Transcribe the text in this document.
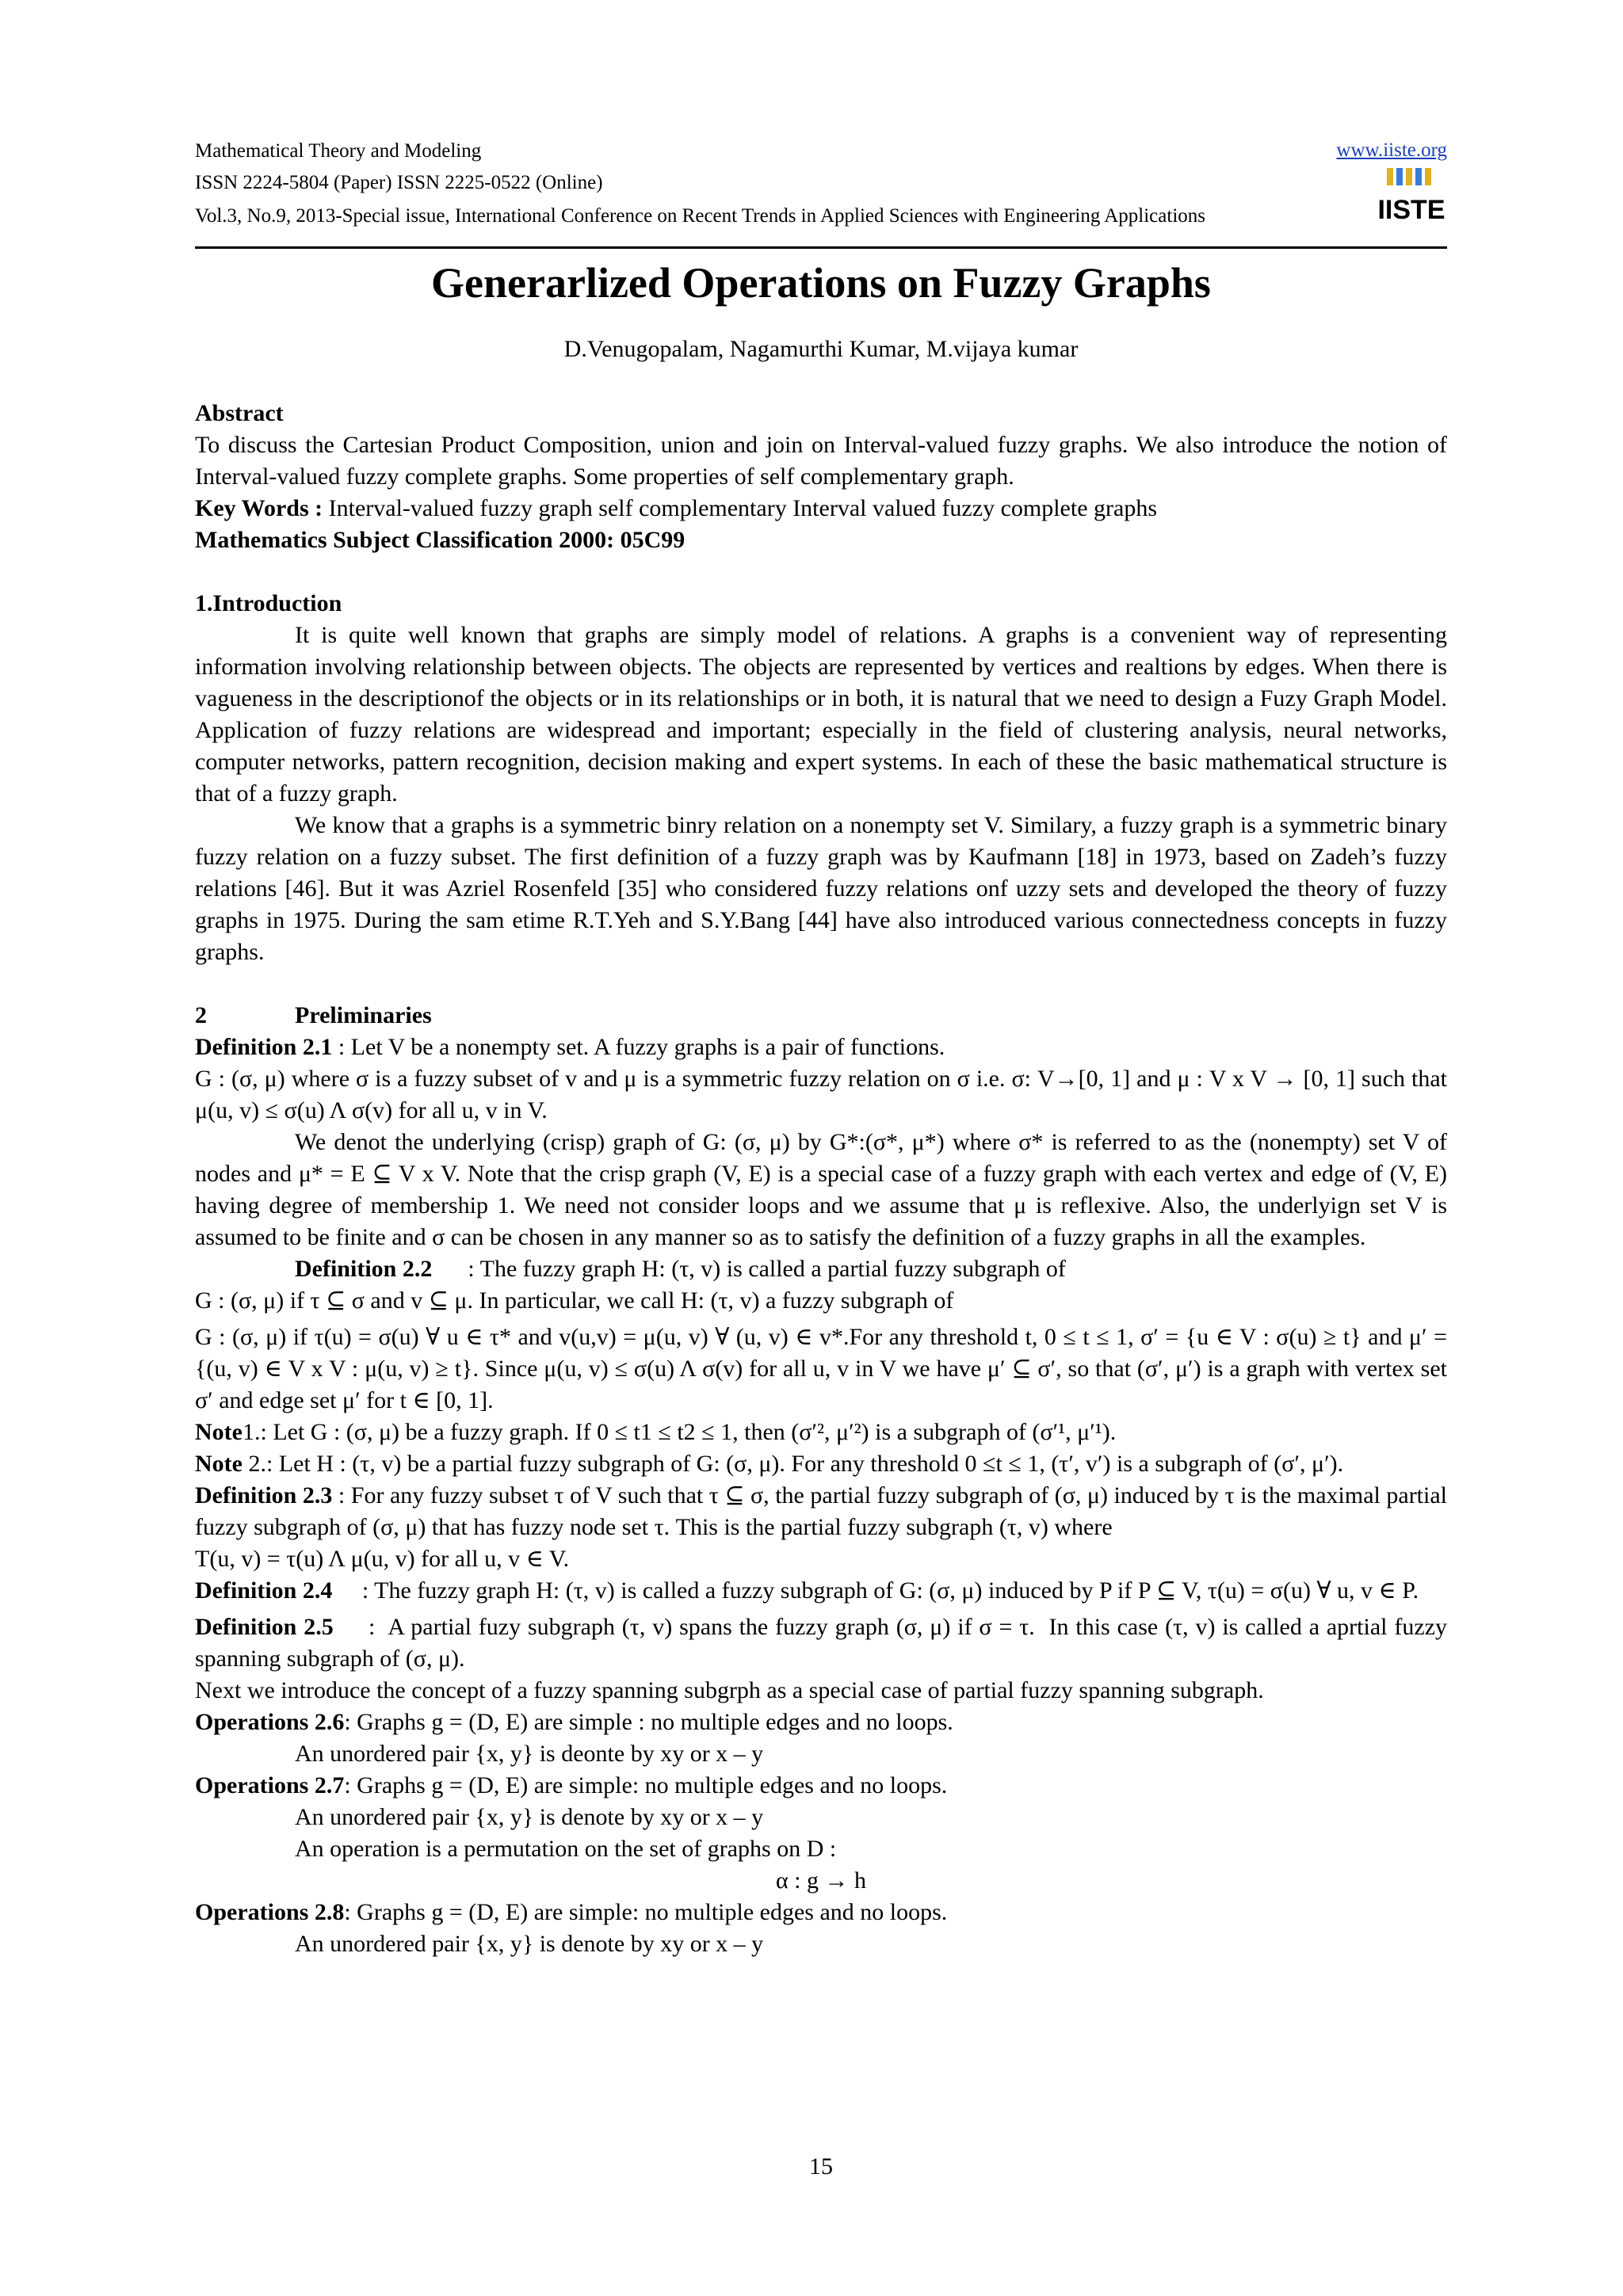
Mathematical Theory and Modeling	www.iiste.org
ISSN 2224-5804 (Paper) ISSN 2225-0522 (Online)
Vol.3, No.9, 2013-Special issue, International Conference on Recent Trends in Applied Sciences with Engineering Applications	IISTE
Generarlized Operations on Fuzzy Graphs
D.Venugopalam, Nagamurthi Kumar, M.vijaya kumar

Abstract

To discuss the Cartesian Product Composition, union and join on Interval-valued fuzzy graphs. We also introduce the notion of Interval-valued fuzzy complete graphs. Some properties of self complementary graph.

Key Words : Interval-valued fuzzy graph self complementary Interval valued fuzzy complete graphs

Mathematics Subject Classification 2000: 05C99

1.Introduction

It is quite well known that graphs are simply model of relations. A graphs is a convenient way of representing information involving relationship between objects. The objects are represented by vertices and realtions by edges. When there is vagueness in the descriptionof the objects or in its relationships or in both, it is natural that we need to design a Fuzy Graph Model. Application of fuzzy relations are widespread and important; especially in the field of clustering analysis, neural networks, computer networks, pattern recognition, decision making and expert systems. In each of these the basic mathematical structure is that of a fuzzy graph.

We know that a graphs is a symmetric binry relation on a nonempty set V. Similary, a fuzzy graph is a symmetric binary fuzzy relation on a fuzzy subset. The first definition of a fuzzy graph was by Kaufmann [18] in 1973, based on Zadeh’s fuzzy relations [46]. But it was Azriel Rosenfeld [35] who considered fuzzy relations onf uzzy sets and developed the theory of fuzzy graphs in 1975. During the sam etime R.T.Yeh and S.Y.Bang [44] have also introduced various connectedness concepts in fuzzy graphs.

2	Preliminaries

Definition 2.1 : Let V be a nonempty set. A fuzzy graphs is a pair of functions.

G : (σ, μ) where σ is a fuzzy subset of v and μ is a symmetric fuzzy relation on σ i.e. σ: V→[0, 1] and μ : V x V → [0, 1] such that μ(u, v) ≤ σ(u) Λ σ(v) for all u, v in V.

We denot the underlying (crisp) graph of G: (σ, μ) by G*:(σ*, μ*) where σ* is referred to as the (nonempty) set V of nodes and μ* = E ⊆ V x V. Note that the crisp graph (V, E) is a special case of a fuzzy graph with each vertex and edge of (V, E) having degree of membership 1. We need not consider loops and we assume that μ is reflexive. Also, the underlyign set V is assumed to be finite and σ can be chosen in any manner so as to satisfy the definition of a fuzzy graphs in all the examples.

Definition 2.2      : The fuzzy graph H: (τ, v) is called a partial fuzzy subgraph of

G : (σ, μ) if τ ⊆ σ and v ⊆ μ. In particular, we call H: (τ, v) a fuzzy subgraph of

G : (σ, μ) if τ(u) = σ(u) ∀ u ∈ τ* and v(u,v) = μ(u, v) ∀ (u, v) ∈ v*.For any threshold t, 0 ≤ t ≤ 1, σ′ = {u ∈ V : σ(u) ≥ t} and μ′ = {(u, v) ∈ V x V : μ(u, v) ≥ t}. Since μ(u, v) ≤ σ(u) Λ σ(v) for all u, v in V we have μ′ ⊆ σ′, so that (σ′, μ′) is a graph with vertex set σ′ and edge set μ′ for t ∈ [0, 1].

Note1.: Let G : (σ, μ) be a fuzzy graph. If 0 ≤ t1 ≤ t2 ≤ 1, then (σ′², μ′²) is a subgraph of (σ′¹, μ′¹).

Note 2.: Let H : (τ, v) be a partial fuzzy subgraph of G: (σ, μ). For any threshold 0 ≤t ≤ 1, (τ′, v′) is a subgraph of (σ′, μ′).

Definition 2.3 : For any fuzzy subset τ of V such that τ ⊆ σ, the partial fuzzy subgraph of (σ, μ) induced by τ is the maximal partial fuzzy subgraph of (σ, μ) that has fuzzy node set τ. This is the partial fuzzy subgraph (τ, v) where

T(u, v) = τ(u) Λ μ(u, v) for all u, v ∈ V.

Definition 2.4     : The fuzzy graph H: (τ, v) is called a fuzzy subgraph of G: (σ, μ) induced by P if P ⊆ V, τ(u) = σ(u) ∀ u, v ∈ P.

Definition 2.5     :  A partial fuzy subgraph (τ, v) spans the fuzzy graph (σ, μ) if σ = τ.  In this case (τ, v) is called a aprtial fuzzy spanning subgraph of (σ, μ).

Next we introduce the concept of a fuzzy spanning subgrph as a special case of partial fuzzy spanning subgraph.

Operations 2.6: Graphs g = (D, E) are simple : no multiple edges and no loops.

An unordered pair {x, y} is deonte by xy or x – y

Operations 2.7: Graphs g = (D, E) are simple: no multiple edges and no loops.

An unordered pair {x, y} is denote by xy or x – y

An operation is a permutation on the set of graphs on D :

α : g → h

Operations 2.8: Graphs g = (D, E) are simple: no multiple edges and no loops.

An unordered pair {x, y} is denote by xy or x – y

15
